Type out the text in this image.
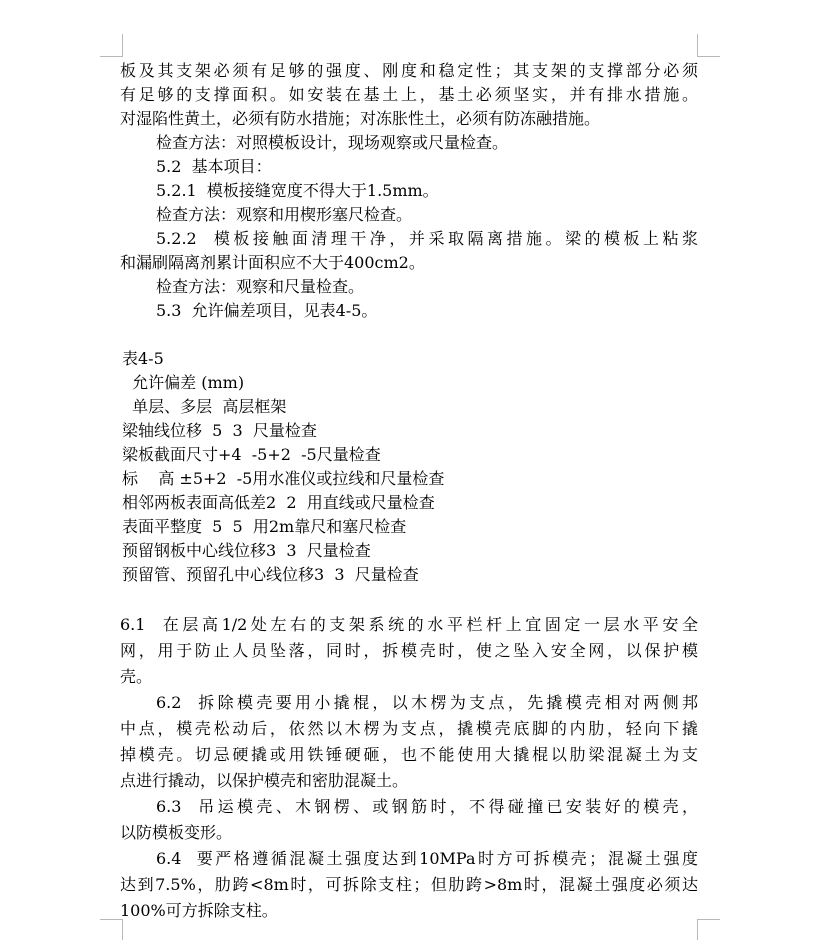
板及其支架必须有足够的强度、刚度和稳定性；其支架的支撑部分必须
有足够的支撑面积。如安装在基土上，基土必须坚实，并有排水措施。
对湿陷性黄土，必须有防水措施；对冻胀性土，必须有防冻融措施。
检查方法：对照模板设计，现场观察或尺量检查。
5.2  基本项目：
5.2.1  模板接缝宽度不得大于1.5mm。
检查方法：观察和用楔形塞尺检查。
5.2.2  模板接触面清理干净，并采取隔离措施。梁的模板上粘浆
和漏刷隔离剂累计面积应不大于400cm2。
检查方法：观察和尺量检查。
5.3  允许偏差项目，见表4-5。
表4-5
允许偏差 (mm)
单层、多层  高层框架
梁轴线位移  5  3  尺量检查
梁板截面尺寸+4  -5+2  -5尺量检查
标    高 ±5+2  -5用水准仪或拉线和尺量检查
相邻两板表面高低差2  2  用直线或尺量检查
表面平整度  5  5  用2m靠尺和塞尺检查
预留钢板中心线位移3  3  尺量检查
预留管、预留孔中心线位移3  3  尺量检查
6.1  在层高1/2处左右的支架系统的水平栏杆上宜固定一层水平安全
网，用于防止人员坠落，同时，拆模壳时，使之坠入安全网，以保护模
壳。
6.2  拆除模壳要用小撬棍，以木楞为支点，先撬模壳相对两侧邦
中点，模壳松动后，依然以木楞为支点，撬模壳底脚的内肋，轻向下撬
掉模壳。切忌硬撬或用铁锤硬砸，也不能使用大撬棍以肋梁混凝土为支
点进行撬动，以保护模壳和密肋混凝土。
6.3  吊运模壳、木钢楞、或钢筋时，不得碰撞已安装好的模壳，
以防模板变形。
6.4  要严格遵循混凝土强度达到10MPa时方可拆模壳；混凝土强度
达到7.5%，肋跨<8m时，可拆除支柱；但肋跨>8m时，混凝土强度必须达
100%可方拆除支柱。
